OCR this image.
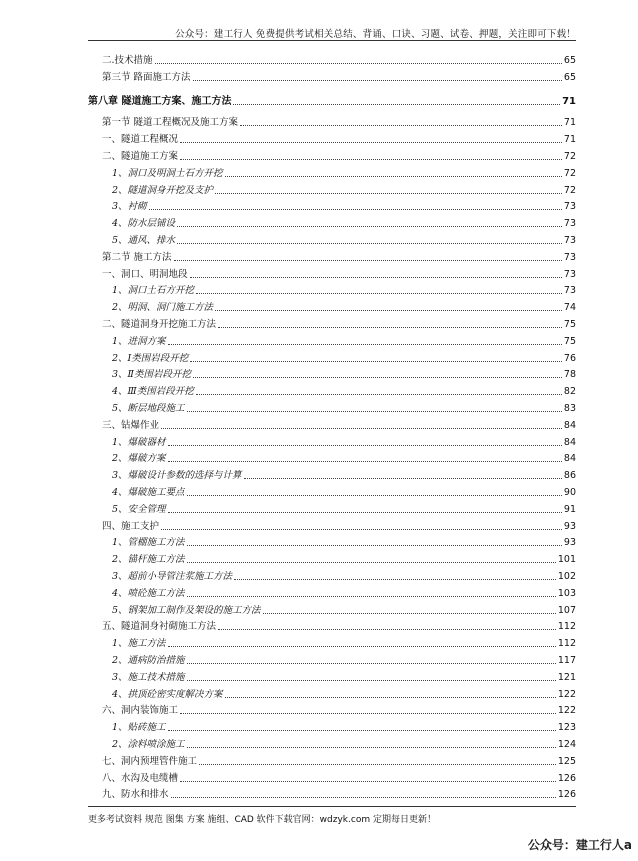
公众号：建工行人 免费提供考试相关总结、背诵、口诀、习题、试卷、押题，关注即可下载！
二.技术措施	65
第三节 路面施工方法	65
第八章 隧道施工方案、施工方法	71
第一节 隧道工程概况及施工方案	71
一、隧道工程概况	71
二、隧道施工方案	72
1、洞口及明洞土石方开挖	72
2、隧道洞身开挖及支护	72
3、衬砌	73
4、防水层铺设	73
5、通风、排水	73
第二节 施工方法	73
一、洞口、明洞地段	73
1、洞口土石方开挖	73
2、明洞、洞门施工方法	74
二、隧道洞身开挖施工方法	75
1、进洞方案	75
2、Ⅰ类围岩段开挖	76
3、Ⅱ类围岩段开挖	78
4、Ⅲ类围岩段开挖	82
5、断层地段施工	83
三、钻爆作业	84
1、爆破器材	84
2、爆破方案	84
3、爆破设计参数的选择与计算	86
4、爆破施工要点	90
5、安全管理	91
四、施工支护	93
1、管棚施工方法	93
2、锚杆施工方法	101
3、超前小导管注浆施工方法	102
4、喷砼施工方法	103
5、钢架加工制作及架设的施工方法	107
五、隧道洞身衬砌施工方法	112
1、施工方法	112
2、通病防治措施	117
3、施工技术措施	121
4、拱顶砼密实度解决方案	122
六、洞内装饰施工	122
1、贴砖施工	123
2、涂料喷涂施工	124
七、洞内预埋管件施工	125
八、水沟及电缆槽	126
九、防水和排水	126
更多考试资料 规范 图集 方案 施组、CAD 软件下载官网：wdzyk.com 定期每日更新！
公众号：建工行人a
